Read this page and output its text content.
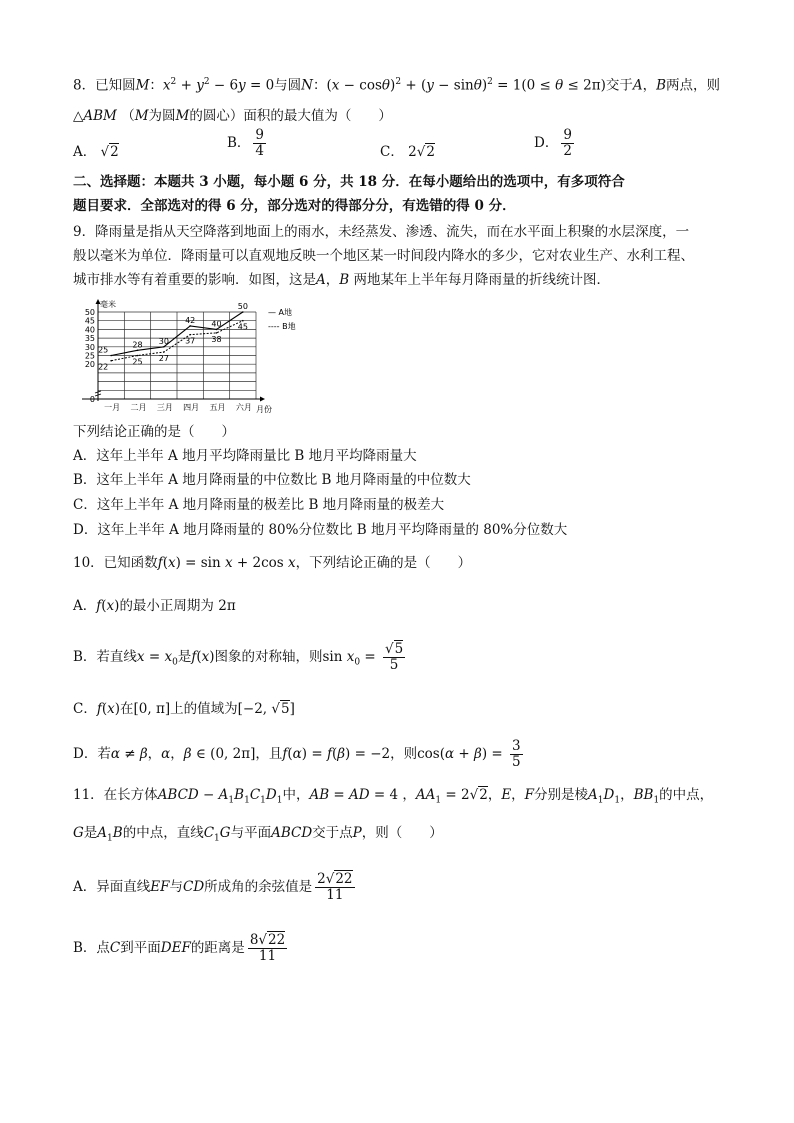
8．已知圆M：$x^2 + y^2 - 6y = 0$与圆N：$(x - \cos\theta)^2 + (y - \sin\theta)^2 = 1(0 \le \theta \le 2\pi)$交于A，B两点，则
△ABM （M为圆M的圆心）面积的最大值为（　　）
A． √2
B． $\frac{9}{4}$	C． 2√2
D． $\frac{9}{2}$
二、选择题：本题共 3 小题，每小题 6 分，共 18 分．在每小题给出的选项中，有多项符合
题目要求．全部选对的得 6 分，部分选对的得部分分，有选错的得 0 分．
9．降雨量是指从天空降落到地面上的雨水，未经蒸发、渗透、流失，而在水平面上积聚的水层深度，一
般以毫米为单位．降雨量可以直观地反映一个地区某一时间段内降水的多少，它对农业生产、水利工程、
城市排水等有着重要的影响．如图，这是A，B 两地某年上半年每月降雨量的折线统计图．
0
20
25
30
35
40
45
50
一月 二月 三月 四月 五月 六月
25
28 30
42 40
50
22
25 27
37 38
45
毫米
月份
— A地
---- B地
下列结论正确的是（　　）
A．这年上半年 A 地月平均降雨量比 B 地月平均降雨量大
B．这年上半年 A 地月降雨量的中位数比 B 地月降雨量的中位数大
C．这年上半年 A 地月降雨量的极差比 B 地月降雨量的极差大
D．这年上半年 A 地月降雨量的 80%分位数比 B 地月平均降雨量的 80%分位数大
10．已知函数f(x) = sin x + 2cos x，下列结论正确的是（　　）
A．f(x)的最小正周期为 2π
B．若直线$x = x_0$是f(x)图象的对称轴，则$\sin x_0 = \frac{√5}{5}$
C．f(x)在[0, π]上的值域为[−2, √5]
D．若α ≠ β，α，β ∈ (0, 2π]，且f(α) = f(β) = −2，则$\cos(\alpha + \beta) = \frac{3}{5}$
11．在长方体ABCD − $A_1B_1C_1D_1$中，AB = AD = 4 ，$AA_1 = 2√2$，E，F分别是棱$A_1D_1$，$BB_1$的中点，
G是$A_1B$的中点，直线$C_1G$与平面ABCD交于点P，则（　　）
A．异面直线EF与CD所成角的余弦值是 $\frac{2√22}{11}$
B．点C到平面DEF的距离是 $\frac{8√22}{11}$
